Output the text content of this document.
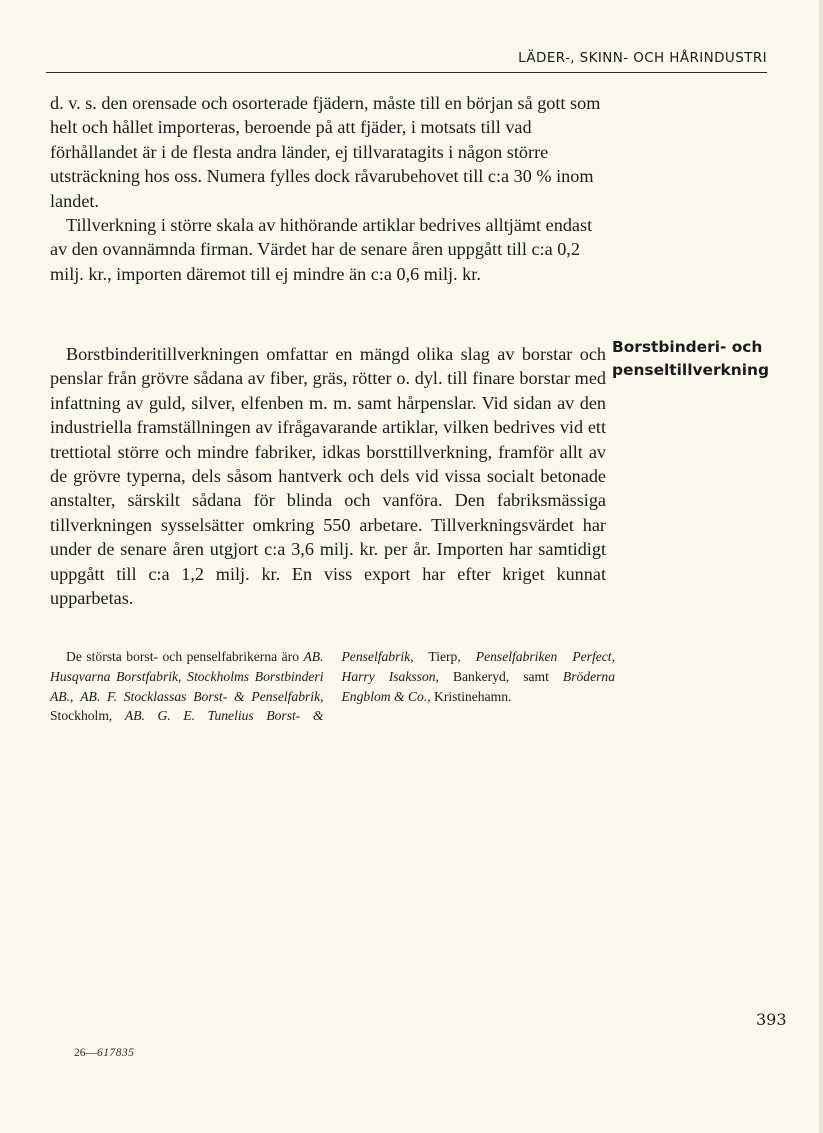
LÄDER-, SKINN- OCH HÅRINDUSTRI

d. v. s. den orensade och osorterade fjädern, måste till en början så gott som helt och hållet importeras, beroende på att fjäder, i motsats till vad förhållandet är i de flesta andra länder, ej tillvaratagits i någon större utsträckning hos oss. Numera fylles dock råvarubehovet till c:a 30 % inom landet.

Tillverkning i större skala av hithörande artiklar bedrives alltjämt endast av den ovannämnda firman. Värdet har de senare åren uppgått till c:a 0,2 milj. kr., importen däremot till ej mindre än c:a 0,6 milj. kr.

Borstbinderi- och
penseltillverkning

Borstbinderitillverkningen omfattar en mängd olika slag av borstar och penslar från grövre sådana av fiber, gräs, rötter o. dyl. till finare borstar med infattning av guld, silver, elfenben m. m. samt hårpenslar. Vid sidan av den industriella framställningen av ifrågavarande artiklar, vilken bedrives vid ett trettiotal större och mindre fabriker, idkas borsttillverkning, framför allt av de grövre typerna, dels såsom hantverk och dels vid vissa socialt betonade anstalter, särskilt sådana för blinda och vanföra. Den fabriksmässiga tillverkningen sysselsätter omkring 550 arbetare. Tillverkningsvärdet har under de senare åren utgjort c:a 3,6 milj. kr. per år. Importen har samtidigt uppgått till c:a 1,2 milj. kr. En viss export har efter kriget kunnat upparbetas.

De största borst- och penselfabrikerna äro AB. Husqvarna Borstfabrik, Stockholms Borstbinderi AB., AB. F. Stocklassas Borst- & Penselfabrik, Stockholm, AB. G. E. Tunelius Borst- & Penselfabrik, Tierp, Penselfabriken Perfect, Harry Isaksson, Bankeryd, samt Bröderna Engblom & Co., Kristinehamn.

393
26—617835
